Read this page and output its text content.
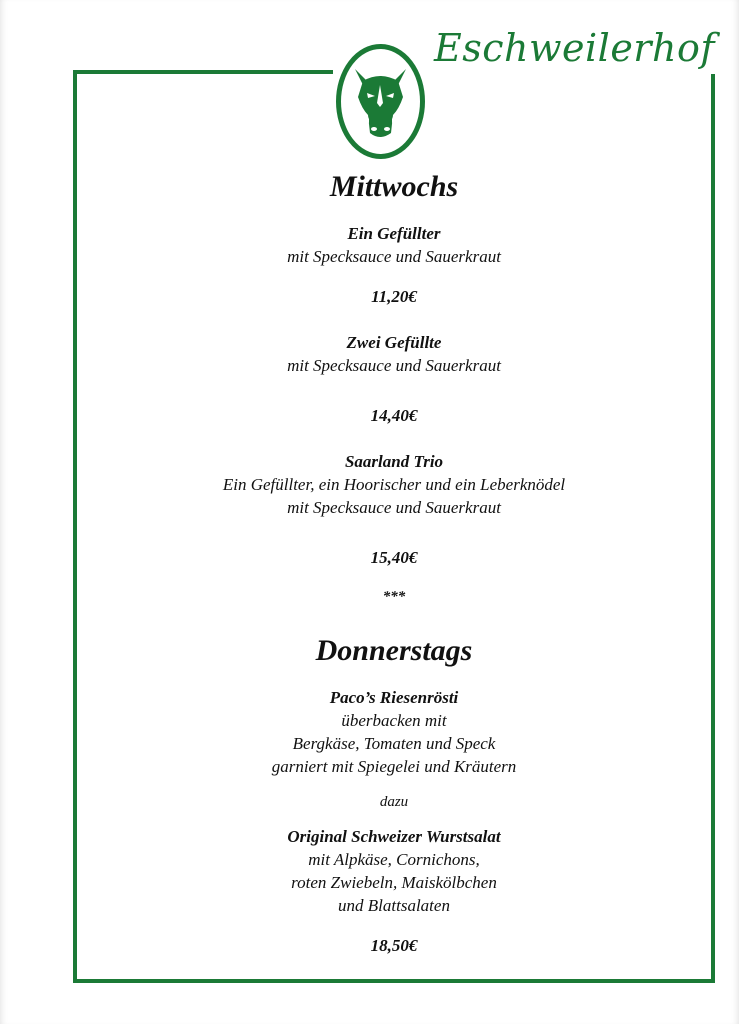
Eschweilerhof
Mittwochs
Ein Gefüllter
mit Specksauce und Sauerkraut
11,20€
Zwei Gefüllte
mit Specksauce und Sauerkraut
14,40€
Saarland Trio
Ein Gefüllter, ein Hoorischer und ein Leberknödel
mit Specksauce und Sauerkraut
15,40€
***
Donnerstags
Paco’s Riesenrösti
überbacken mit
Bergkäse, Tomaten und Speck
garniert mit Spiegelei und Kräutern
dazu
Original Schweizer Wurstsalat
mit Alpkäse, Cornichons,
roten Zwiebeln, Maiskölbchen
und Blattsalaten
18,50€
